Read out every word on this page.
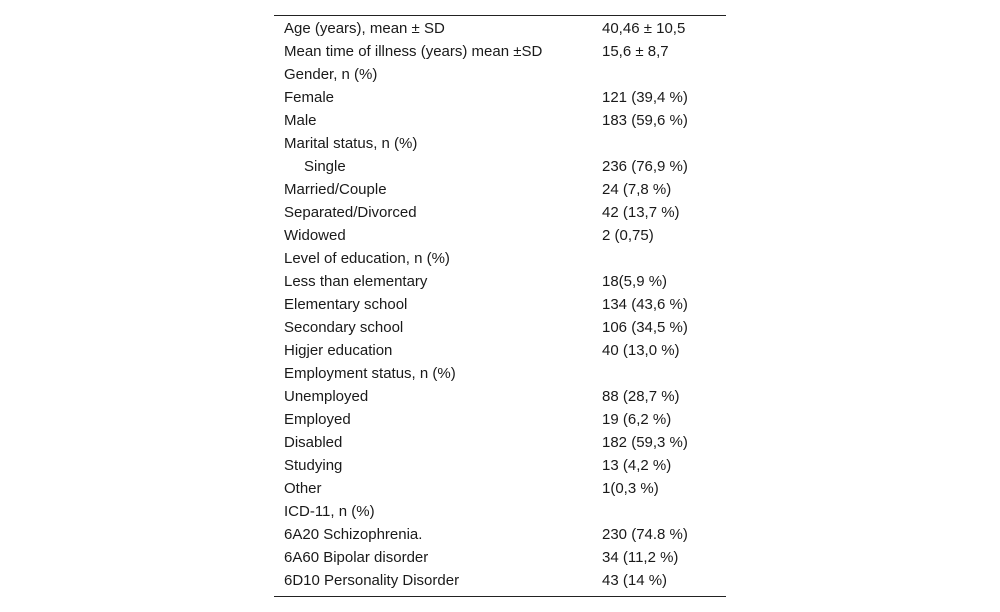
Age (years), mean ± SD	40,46 ± 10,5
Mean time of illness (years) mean ±SD	15,6 ± 8,7
Gender, n (%)	
Female	121 (39,4 %)
Male	183 (59,6 %)
Marital status, n (%)	
Single	236 (76,9 %)
Married/Couple	24 (7,8 %)
Separated/Divorced	42 (13,7 %)
Widowed	2 (0,75)
Level of education, n (%)	
Less than elementary	18(5,9 %)
Elementary school	134 (43,6 %)
Secondary school	106 (34,5 %)
Higjer education	40 (13,0 %)
Employment status, n (%)	
Unemployed	88 (28,7 %)
Employed	19 (6,2 %)
Disabled	182 (59,3 %)
Studying	13 (4,2 %)
Other	1(0,3 %)
ICD-11, n (%)	
6A20 Schizophrenia.	230 (74.8 %)
6A60 Bipolar disorder	34 (11,2 %)
6D10 Personality Disorder	43 (14 %)
